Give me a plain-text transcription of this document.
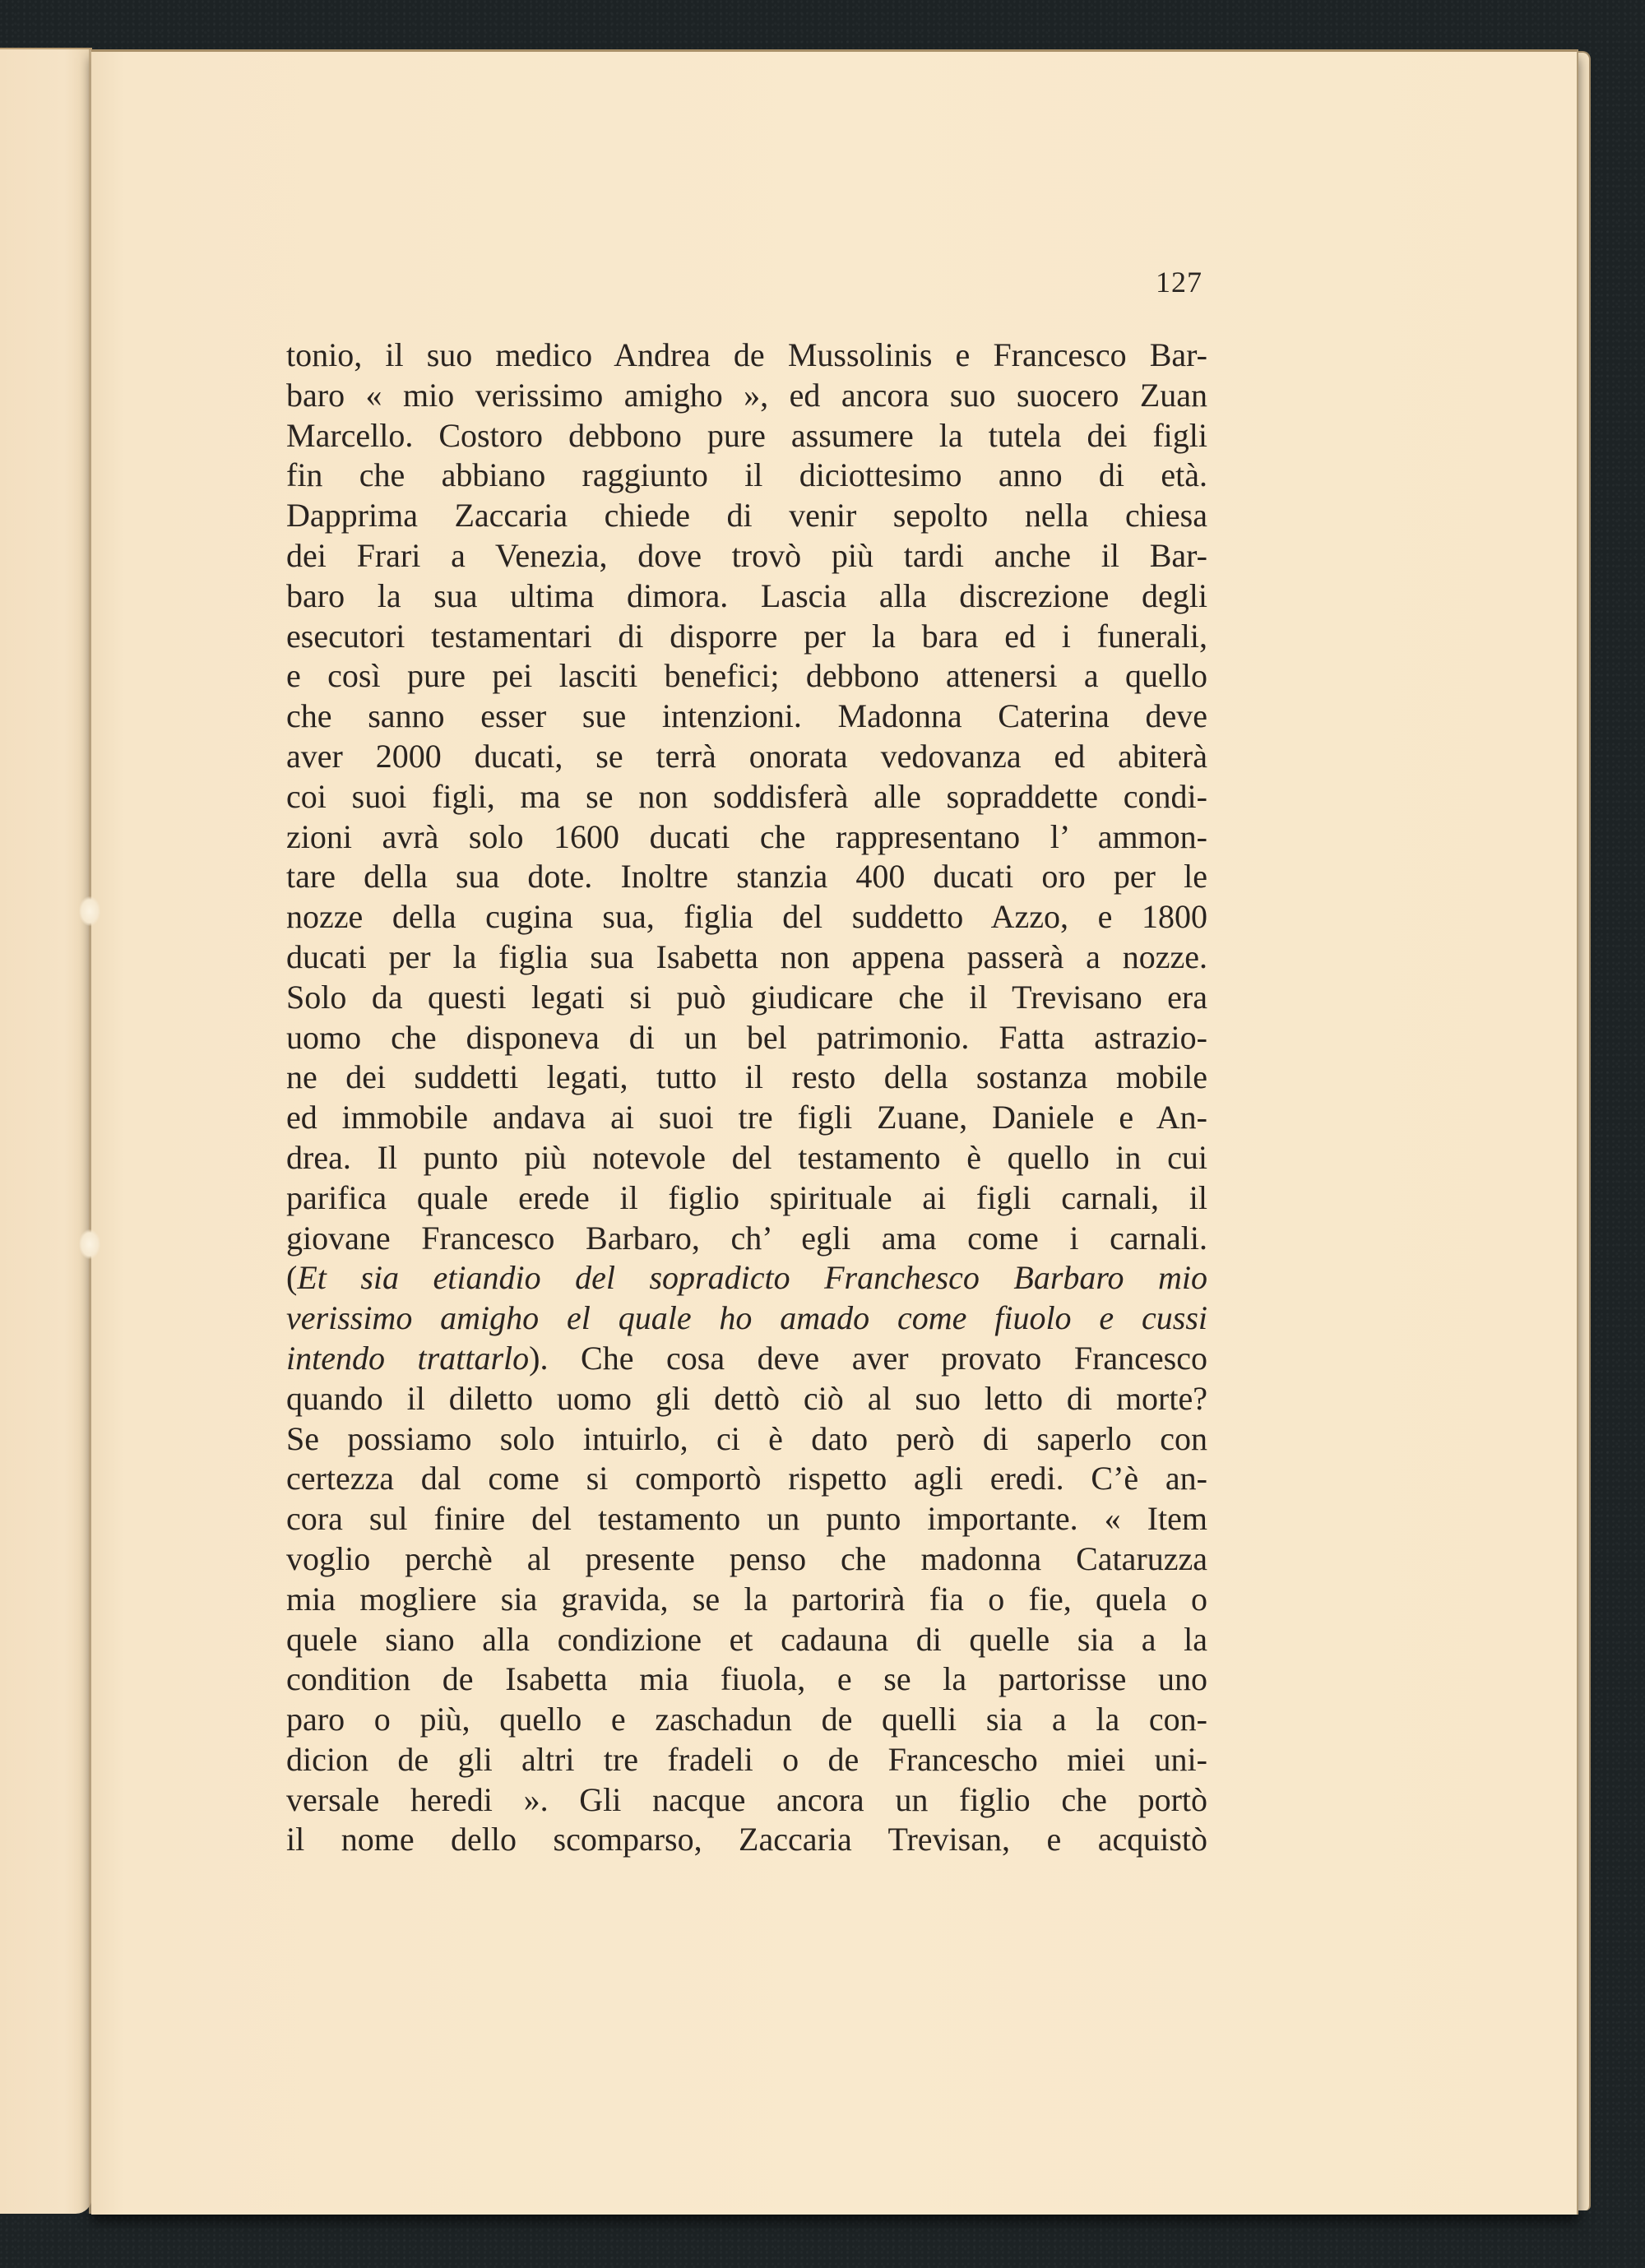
127
tonio, il suo medico Andrea de Mussolinis e Francesco Bar-
baro « mio verissimo amigho », ed ancora suo suocero Zuan
Marcello. Costoro debbono pure assumere la tutela dei figli
fin che abbiano raggiunto il diciottesimo anno di età.
Dapprima Zaccaria chiede di venir sepolto nella chiesa
dei Frari a Venezia, dove trovò più tardi anche il Bar-
baro la sua ultima dimora. Lascia alla discrezione degli
esecutori testamentari di disporre per la bara ed i funerali,
e così pure pei lasciti benefici; debbono attenersi a quello
che sanno esser sue intenzioni. Madonna Caterina deve
aver 2000 ducati, se terrà onorata vedovanza ed abiterà
coi suoi figli, ma se non soddisferà alle sopraddette condi-
zioni avrà solo 1600 ducati che rappresentano l’ ammon-
tare della sua dote. Inoltre stanzia 400 ducati oro per le
nozze della cugina sua, figlia del suddetto Azzo, e 1800
ducati per la figlia sua Isabetta non appena passerà a nozze.
Solo da questi legati si può giudicare che il Trevisano era
uomo che disponeva di un bel patrimonio. Fatta astrazio-
ne dei suddetti legati, tutto il resto della sostanza mobile
ed immobile andava ai suoi tre figli Zuane, Daniele e An-
drea. Il punto più notevole del testamento è quello in cui
parifica quale erede il figlio spirituale ai figli carnali, il
giovane Francesco Barbaro, ch’ egli ama come i carnali.
(Et sia etiandio del sopradicto Franchesco Barbaro mio
verissimo amigho el quale ho amado come fiuolo e cussi
intendo trattarlo). Che cosa deve aver provato Francesco
quando il diletto uomo gli dettò ciò al suo letto di morte?
Se possiamo solo intuirlo, ci è dato però di saperlo con
certezza dal come si comportò rispetto agli eredi. C’è an-
cora sul finire del testamento un punto importante. « Item
voglio perchè al presente penso che madonna Cataruzza
mia mogliere sia gravida, se la partorirà fia o fie, quela o
quele siano alla condizione et cadauna di quelle sia a la
condition de Isabetta mia fiuola, e se la partorisse uno
paro o più, quello e zaschadun de quelli sia a la con-
dicion de gli altri tre fradeli o de Francescho miei uni-
versale heredi ». Gli nacque ancora un figlio che portò
il nome dello scomparso, Zaccaria Trevisan, e acquistò
